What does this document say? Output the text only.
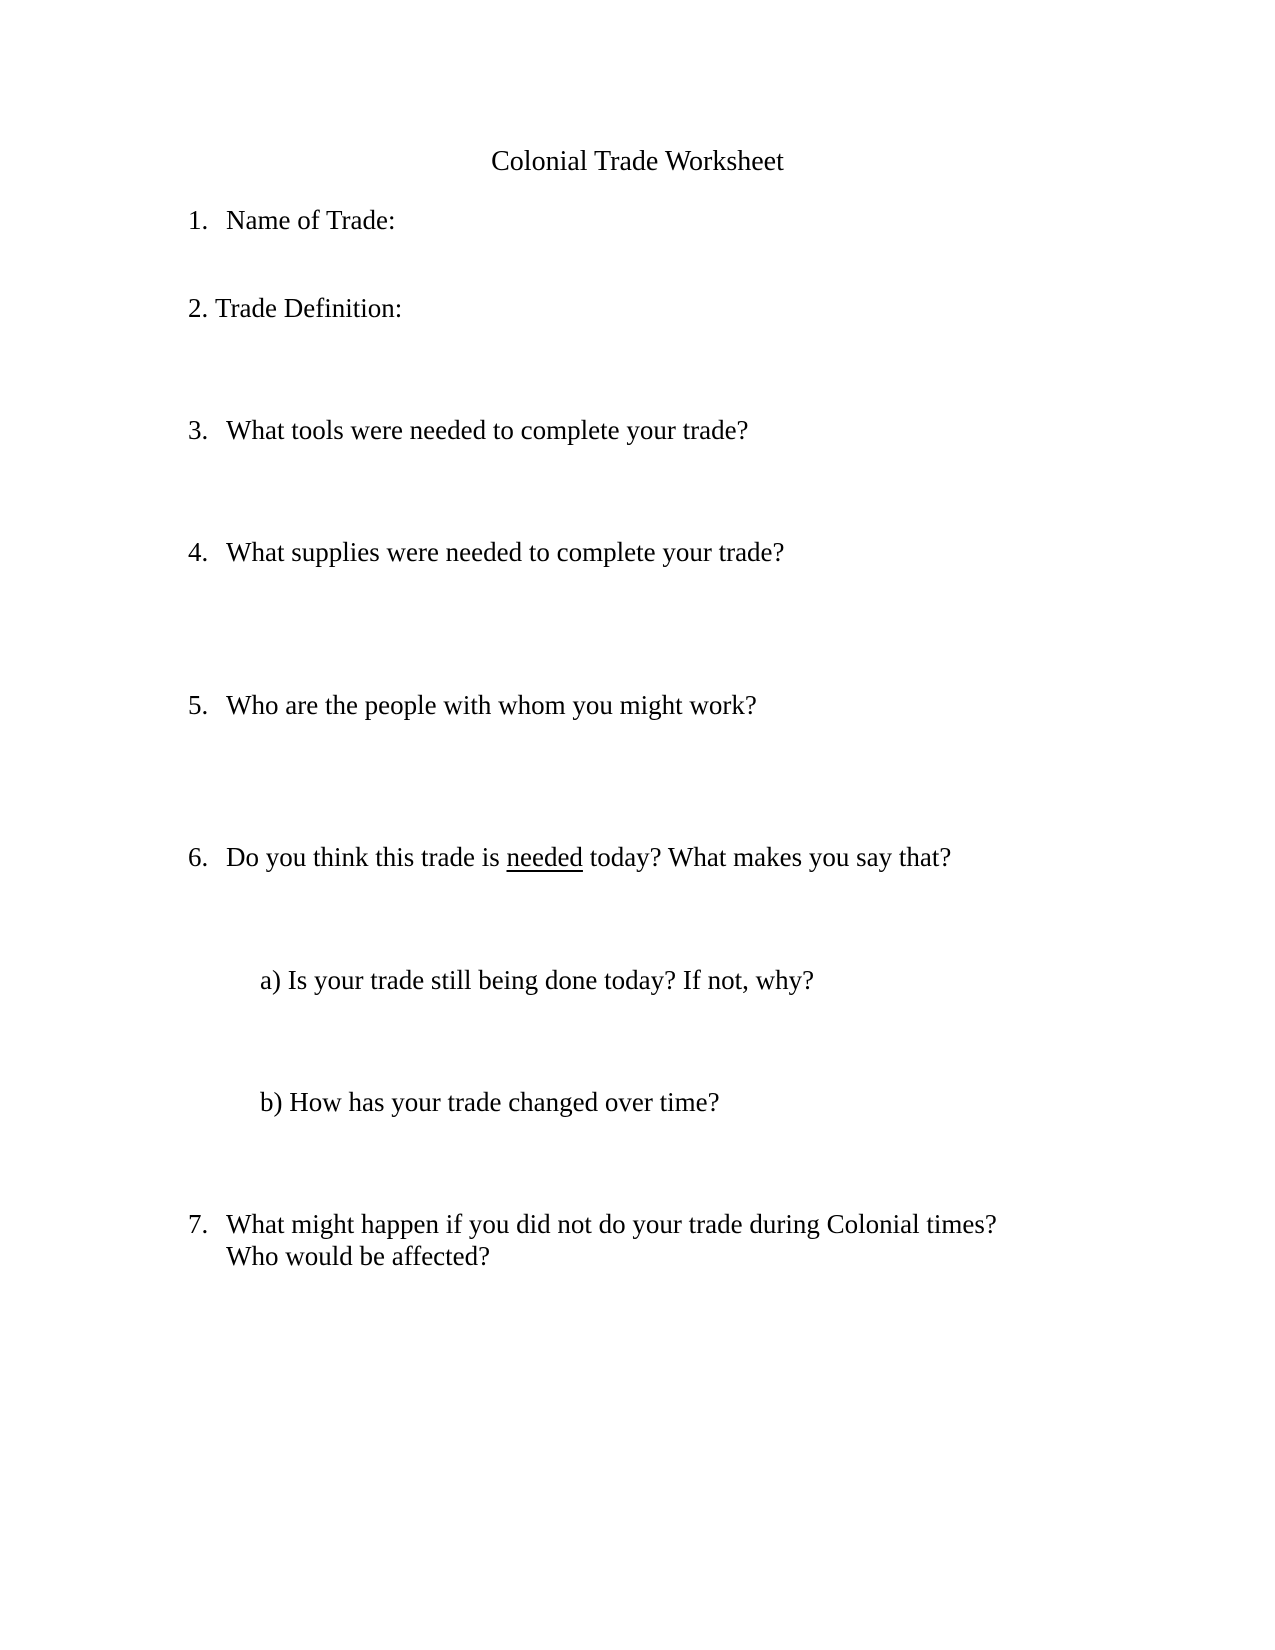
Colonial Trade Worksheet
1. Name of Trade:
2. Trade Definition:
3. What tools were needed to complete your trade?
4. What supplies were needed to complete your trade?
5. Who are the people with whom you might work?
6. Do you think this trade is needed today? What makes you say that?
a) Is your trade still being done today? If not, why?
b) How has your trade changed over time?
7. What might happen if you did not do your trade during Colonial times?
Who would be affected?
